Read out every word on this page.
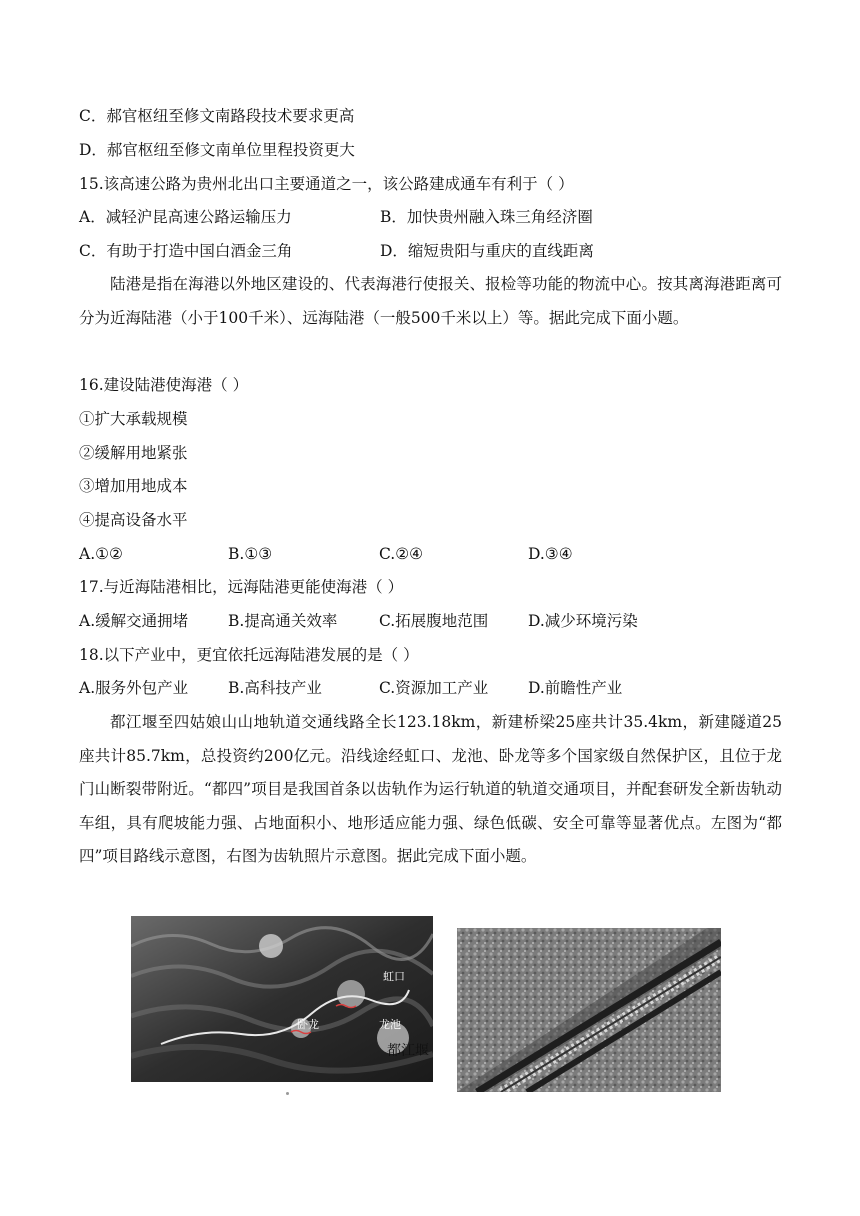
C．郝官枢纽至修文南路段技术要求更高
D．郝官枢纽至修文南单位里程投资更大
15.该高速公路为贵州北出口主要通道之一，该公路建成通车有利于（ ）
A．减轻沪昆高速公路运输压力	B．加快贵州融入珠三角经济圈
C．有助于打造中国白酒金三角	D．缩短贵阳与重庆的直线距离

陆港是指在海港以外地区建设的、代表海港行使报关、报检等功能的物流中心。按其离海港距离可分为近海陆港（小于100千米）、远海陆港（一般500千米以上）等。据此完成下面小题。

16.建设陆港使海港（ ）
①扩大承载规模
②缓解用地紧张
③增加用地成本
④提高设备水平
A.①②	B.①③	C.②④	D.③④
17.与近海陆港相比，远海陆港更能使海港（ ）
A.缓解交通拥堵	B.提高通关效率	C.拓展腹地范围	D.减少环境污染
18.以下产业中，更宜依托远海陆港发展的是（ ）
A.服务外包产业	B.高科技产业	C.资源加工产业	D.前瞻性产业

都江堰至四姑娘山山地轨道交通线路全长123.18km，新建桥梁25座共计35.4km，新建隧道25座共计85.7km，总投资约200亿元。沿线途经虹口、龙池、卧龙等多个国家级自然保护区，且位于龙门山断裂带附近。“都四”项目是我国首条以齿轨作为运行轨道的轨道交通项目，并配套研发全新齿轨动车组，具有爬坡能力强、占地面积小、地形适应能力强、绿色低碳、安全可靠等显著优点。左图为“都四”项目路线示意图，右图为齿轨照片示意图。据此完成下面小题。

虹口
龙池
卧龙
都江堰
